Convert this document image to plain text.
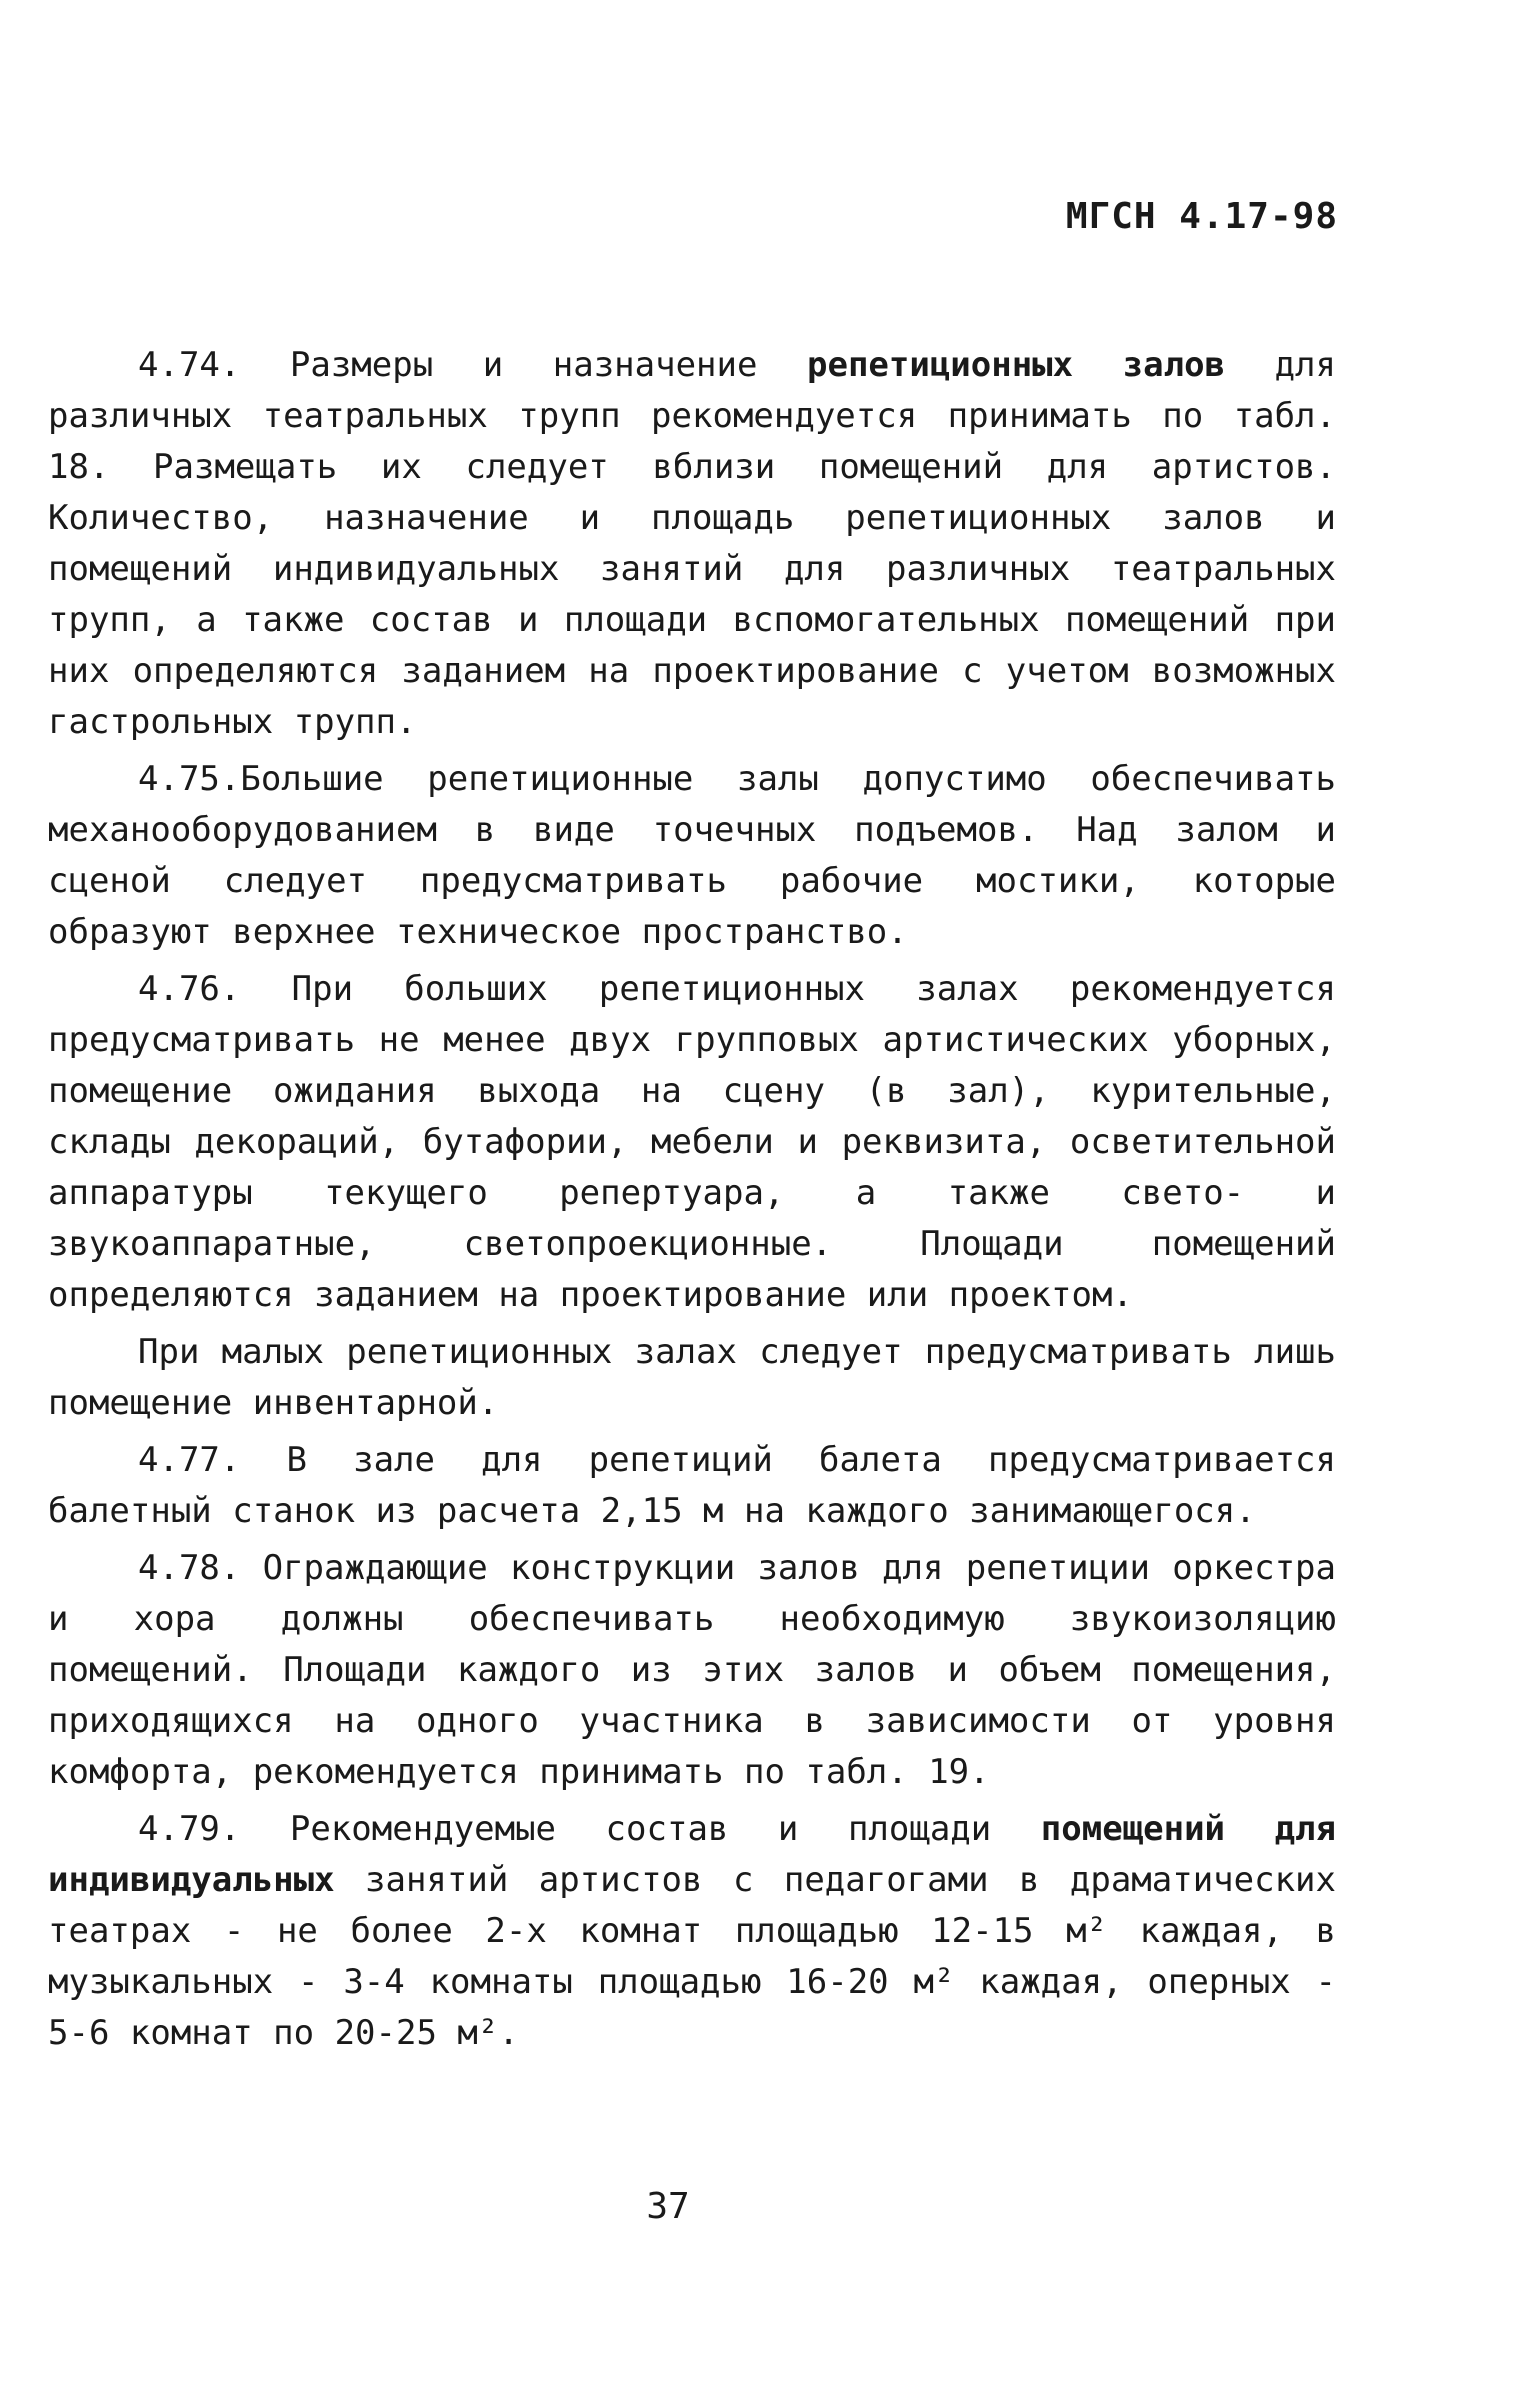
МГСН 4.17-98

4.74. Размеры и назначение репетиционных залов для различных театральных трупп рекомендуется принимать по табл. 18. Размещать их следует вблизи помещений для артистов. Количество, назначение и площадь репетиционных залов и помещений индивидуальных занятий для различных театральных трупп, а также состав и площади вспомогательных помещений при них определяются заданием на проектирование с учетом возможных гастрольных трупп.

4.75.Большие репетиционные залы допустимо обеспечивать механооборудованием в виде точечных подъемов. Над залом и сценой следует предусматривать рабочие мостики, которые образуют верхнее техническое пространство.

4.76. При больших репетиционных залах рекомендуется предусматривать не менее двух групповых артистических уборных, помещение ожидания выхода на сцену (в зал), курительные, склады декораций, бутафории, мебели и реквизита, осветительной аппаратуры текущего репертуара, а также свето- и звукоаппаратные, светопроекционные. Площади помещений определяются заданием на проектирование или проектом.

При малых репетиционных залах следует предусматривать лишь помещение инвентарной.

4.77. В зале для репетиций балета предусматривается балетный станок из расчета 2,15 м на каждого занимающегося.

4.78. Ограждающие конструкции залов для репетиции оркестра и хора должны обеспечивать необходимую звукоизоляцию помещений. Площади каждого из этих залов и объем помещения, приходящихся на одного участника в зависимости от уровня комфорта, рекомендуется принимать по табл. 19.

4.79. Рекомендуемые состав и площади помещений для индивидуальных занятий артистов с педагогами в драматических театрах - не более 2-х комнат площадью 12-15 м² каждая, в музыкальных - 3-4 комнаты площадью 16-20 м² каждая, оперных - 5-6 комнат по 20-25 м².

37
